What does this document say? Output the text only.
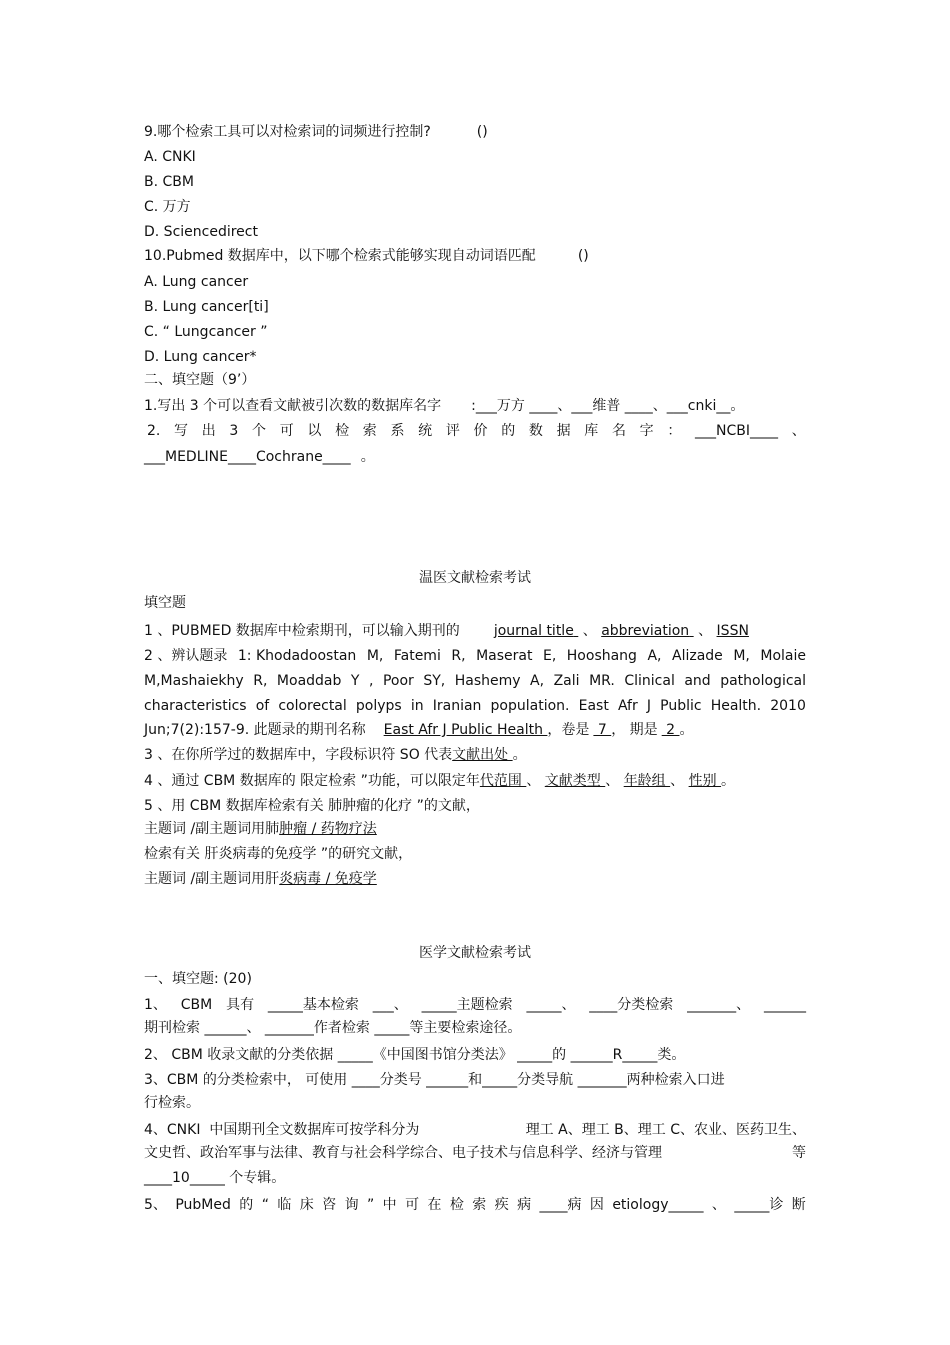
9.哪个检索工具可以对检索词的词频进行控制?	()
A. CNKI
B. CBM
C. 万方
D. Sciencedirect
10.Pubmed 数据库中，以下哪个检索式能够实现自动词语匹配	()
A. Lung cancer
B. Lung cancer[ti]
C. “ Lungcancer ”
D. Lung cancer*
二、填空题（9’）
1.写出 3 个可以查看文献被引次数的数据库名字 :___万方 ____、___维普 ____、___cnki__。
2. 写 出 3 个 可 以 检 索 系 统 评 价 的 数 据 库 名 字 ： ___NCBI____ 、
___MEDLINE____Cochrane____ 。
温医文献检索考试
填空题
1 、PUBMED 数据库中检索期刊，可以输入期刊的 journal title 、 abbreviation 、 ISSN
2 、辨认题录 1: Khodadoostan M, Fatemi R, Maserat E, Hooshang A, Alizade M, Molaie
M,Mashaiekhy R, Moaddab Y , Poor SY, Hashemy A, Zali MR. Clinical and pathological
characteristics of colorectal polyps in Iranian population. East Afr J Public Health. 2010
Jun;7(2):157-9. 此题录的期刊名称 East Afr J Public Health ，卷是 7 ， 期是 2 。
3 、在你所学过的数据库中，字段标识符 SO 代表文献出处 。
4 、通过 CBM 数据库的 限定检索 ”功能，可以限定年代范围 、 文献类型 、 年龄组 、 性别 。
5 、用 CBM 数据库检索有关 肺肿瘤的化疗 ”的文献，
主题词 /副主题词用肺肿瘤 / 药物疗法
检索有关 肝炎病毒的免疫学 ”的研究文献，
主题词 /副主题词用肝炎病毒 / 免疫学
医学文献检索考试
一、填空题: (20)
1、 CBM 具有 _____基本检索 ___、 _____主题检索 _____、 ____分类检索 _______、 ______
期刊检索 ______、 _______作者检索 _____等主要检索途径。
2、 CBM 收录文献的分类依据 _____《中国图书馆分类法》 _____的 ______R_____类。
3、CBM 的分类检索中， 可使用 ____分类号 ______和_____分类导航 _______两种检索入口进
行检索。
4、CNKI 中国期刊全文数据库可按学科分为	理工 A、理工 B、理工 C、农业、医药卫生、
文史哲、政治军事与法律、教育与社会科学综合、电子技术与信息科学、经济与管理	等
____10_____ 个专辑。
5、 PubMed 的 “ 临 床 咨 询 ” 中 可 在 检 索 疾 病 ____病 因 etiology_____ 、 _____诊 断
